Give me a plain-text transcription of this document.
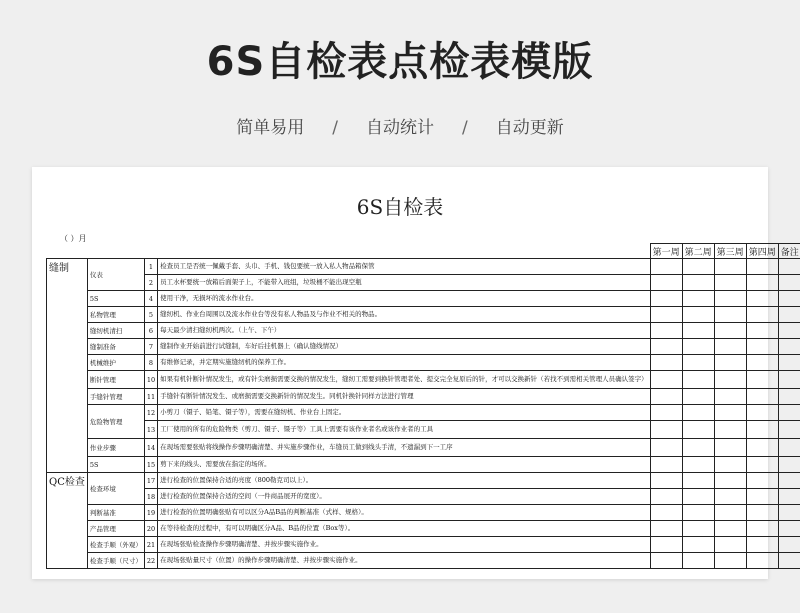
6S自检表点检表模版
简单易用 / 自动统计 / 自动更新
6S自检表
（ ）月
				第一周	第二周	第三周	第四周	备注
缝制	仪表	1	检查员工是否统一佩戴手套、头巾、手机、钱包要统一放入私人物品箱保管					
		2	员工水杯要统一放箱后面架子上，不能带入班组，垃圾桶不能出现空瓶					
	5S	4	使用干净，无损坏的流水作业台。					
	私物管理	5	缝纫机、作业台周围以及流水作业台等没有私人物品及与作业不相关的物品。					
	缝纫机清扫	6	每天最少清扫缝纫机两次。（上午、下午）					
	缝制准备	7	缝制作业开始前进行试缝制，车好后挂机器上（确认缝线情况）					
	机械维护	8	有维修记录，并定期实施缝纫机的保养工作。					
	断针管理	10	如果有机针断针情况发生，或有针尖磨损需要交换的情况发生，缝纫工需要到换针管理者处、提交完全复原后的针，才可以交换新针（若找不到需相关管理人员确认签字）					
	手缝针管理	11	手缝针有断针情况发生、或磨损需要交换新针的情况发生。同机针换针同样方法进行管理					
	危险物管理	12	小剪刀（镊子、铅笔、镊子等），需要在缝纫机、作业台上固定。					
		13	工厂使用的所有的危险物类（剪刀、镊子、镊子等）工具上需要有该作业者名或该作业者的工具					
	作业步骤	14	在现场需要张贴将线操作步骤明确清楚、并实施步骤作业，车缝员工做到线头手清，不遗漏到下一工序					
	5S	15	剪下来的线头、需要放在指定的场所。					
QC检查	检查环境	17	进行检查的位置保持合适的亮度（800勒克司以上）。					
		18	进行检查的位置保持合适的空间（一件商品展开的宽度）。					
	判断基准	19	进行检查的位置明确张贴有可以区分A品B品的判断基准（式样、规格）。					
	产品管理	20	在等待检查的过程中，有可以明确区分A品、B品的位置（Box等）。					
	检查手顺（外观）	21	在现场张贴检查操作步骤明确清楚、并按步骤实施作业。					
	检查手顺（尺寸）	22	在现场张贴量尺寸（位置）的操作步骤明确清楚、并按步骤实施作业。					
